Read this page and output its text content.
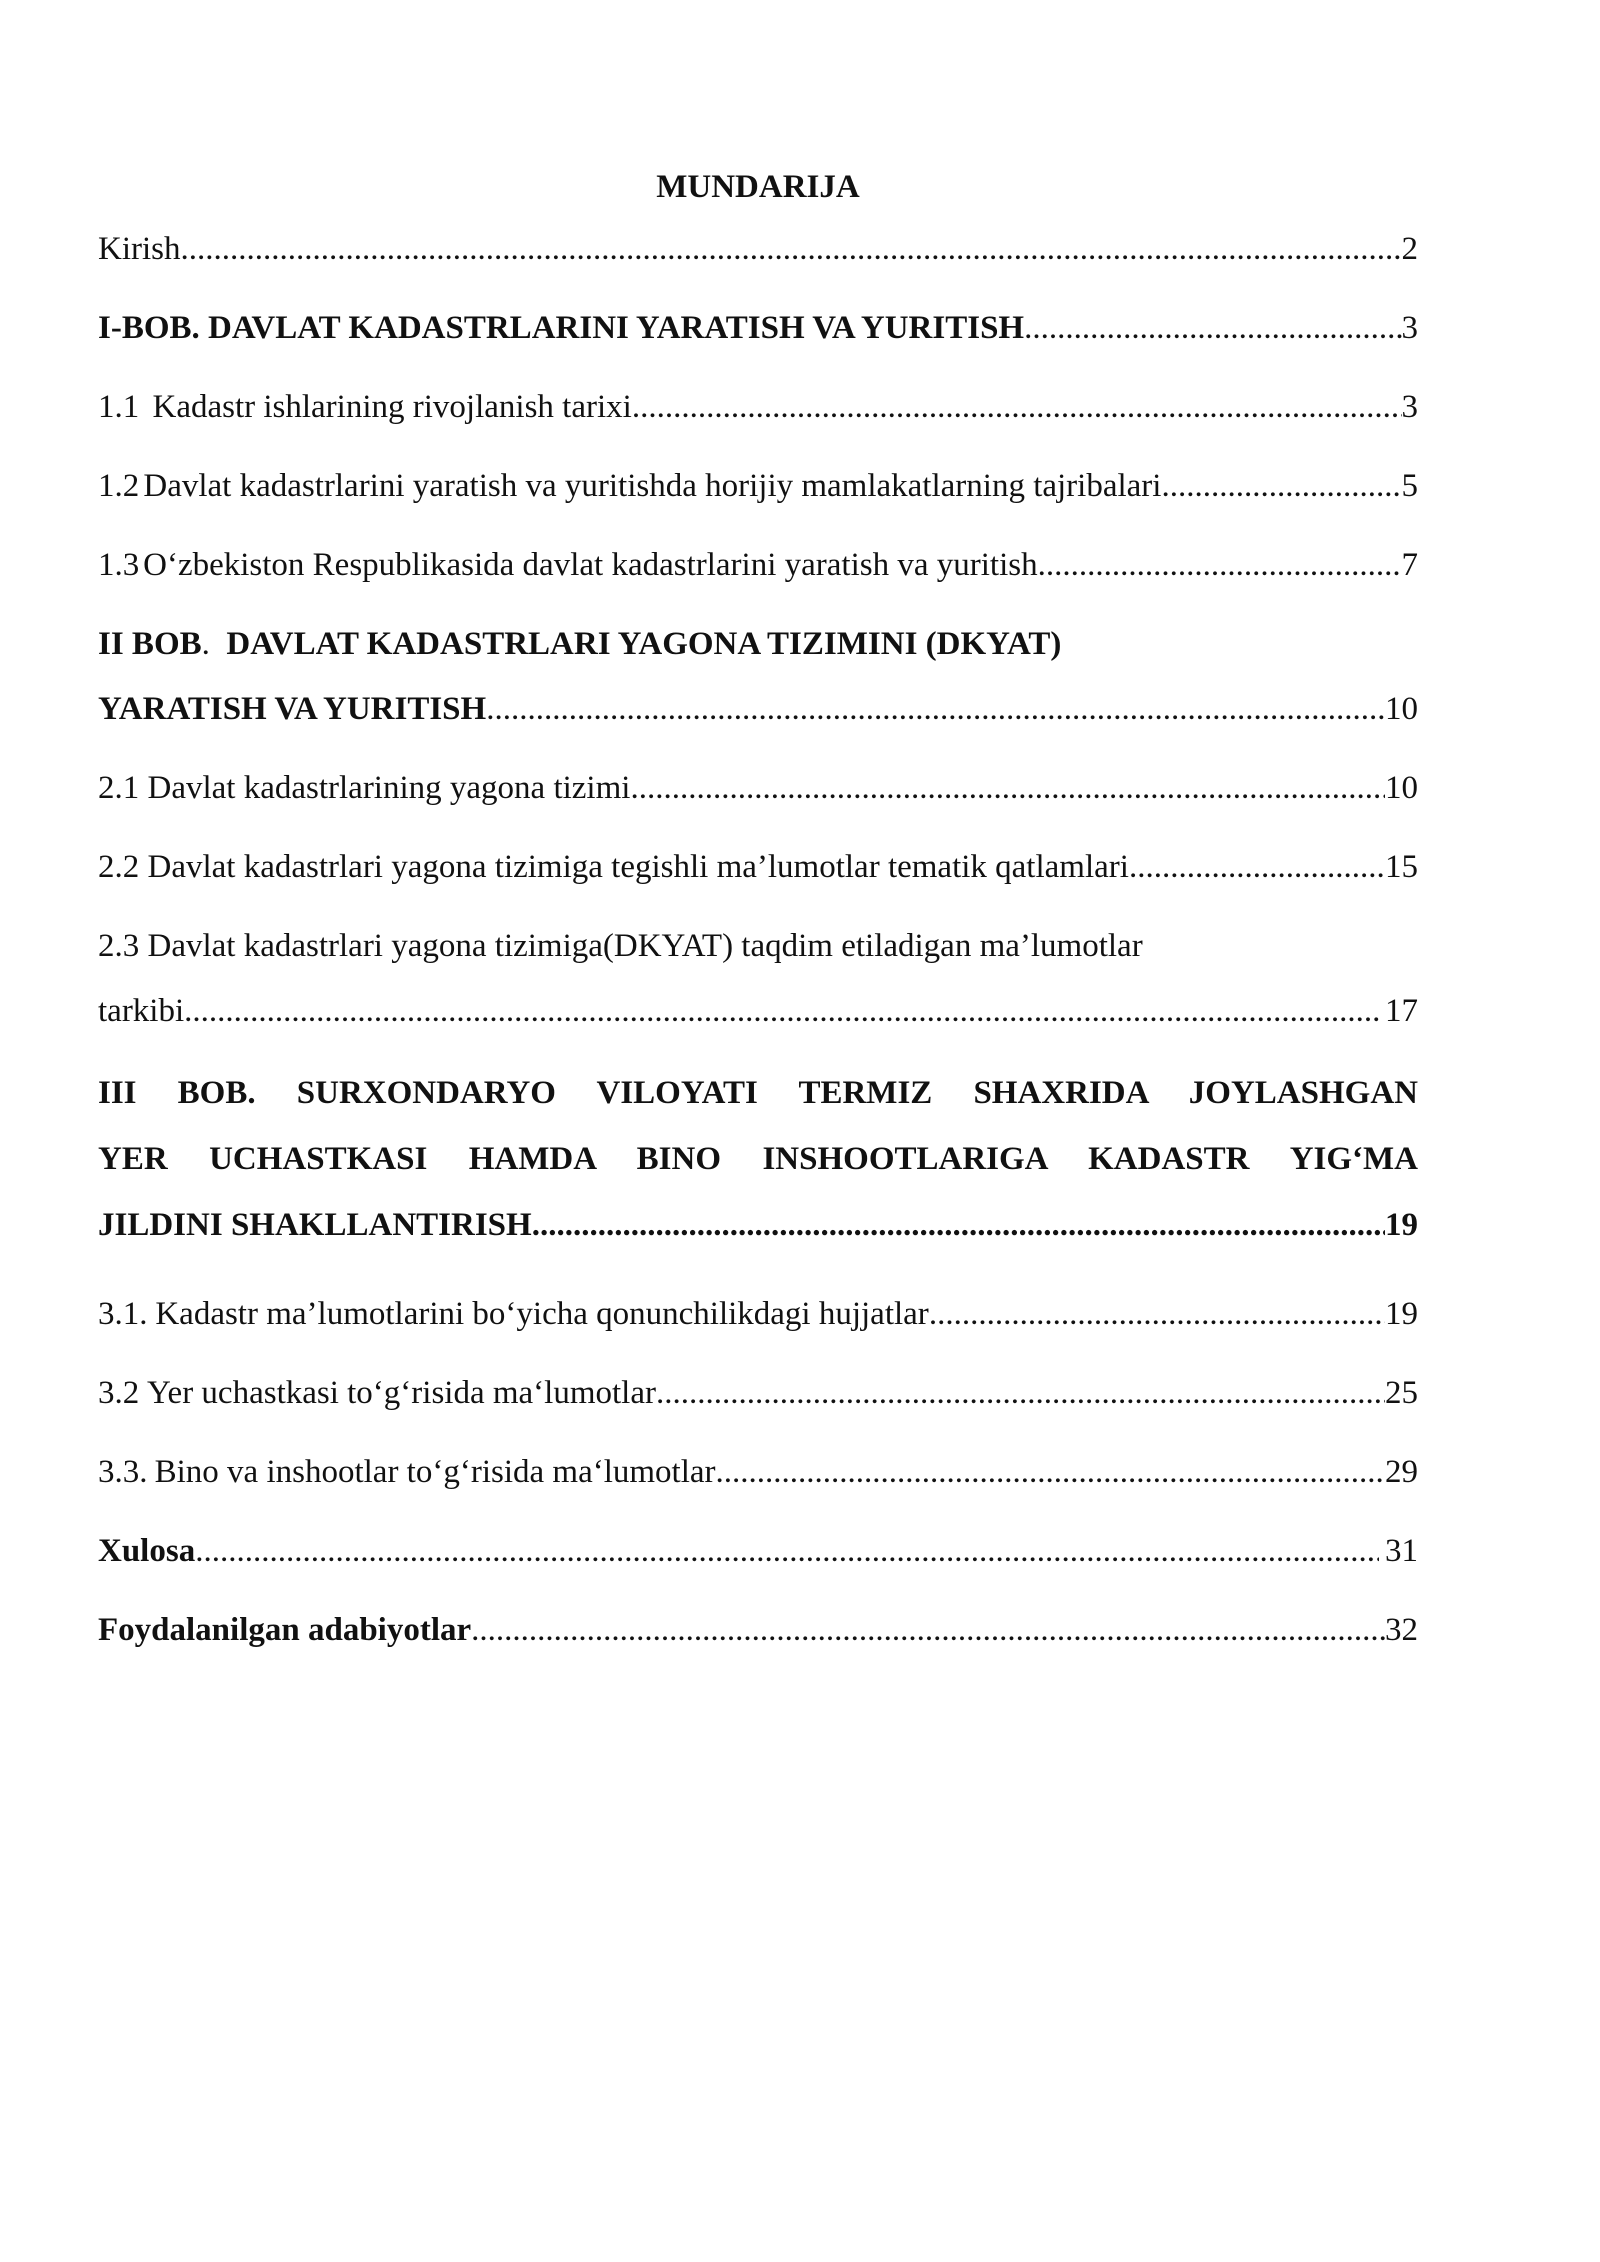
MUNDARIJA
Kirish .....	2
I-BOB. DAVLAT KADASTRLARINI YARATISH VA YURITISH .....	3
1.1 Kadastr ishlarining rivojlanish tarixi .....	3
1.2 Davlat kadastrlarini yaratish va yuritishda horijiy mamlakatlarning tajribalari .....	5
1.3 O‘zbekiston Respublikasida davlat kadastrlarini yaratish va yuritish .....	7
II BOB . DAVLAT KADASTRLARI YAGONA TIZIMINI (DKYAT)
YARATISH VA YURITISH .....	10
2.1 Davlat kadastrlarining yagona tizimi .....	10
2.2 Davlat kadastrlari yagona tizimiga tegishli ma’lumotlar tematik qatlamlari .....	15
2.3 Davlat kadastrlari yagona tizimiga(DKYAT) taqdim etiladigan ma’lumotlar
tarkibi .....	17
III BOB. SURXONDARYO VILOYATI TERMIZ SHAXRIDA JOYLASHGAN
YER UCHASTKASI HAMDA BINO INSHOOTLARIGA KADASTR YIG‘MA
JILDINI SHAKLLANTIRISH .....	19
3.1. Kadastr ma’lumotlarini bo‘yicha qonunchilikdagi hujjatlar .....	19
3.2 Yer uchastkasi to‘g‘risida ma‘lumotlar .....	25
3.3. Bino va inshootlar to‘g‘risida ma‘lumotlar .....	29
Xulosa .....	31
Foydalanilgan adabiyotlar .....	32
